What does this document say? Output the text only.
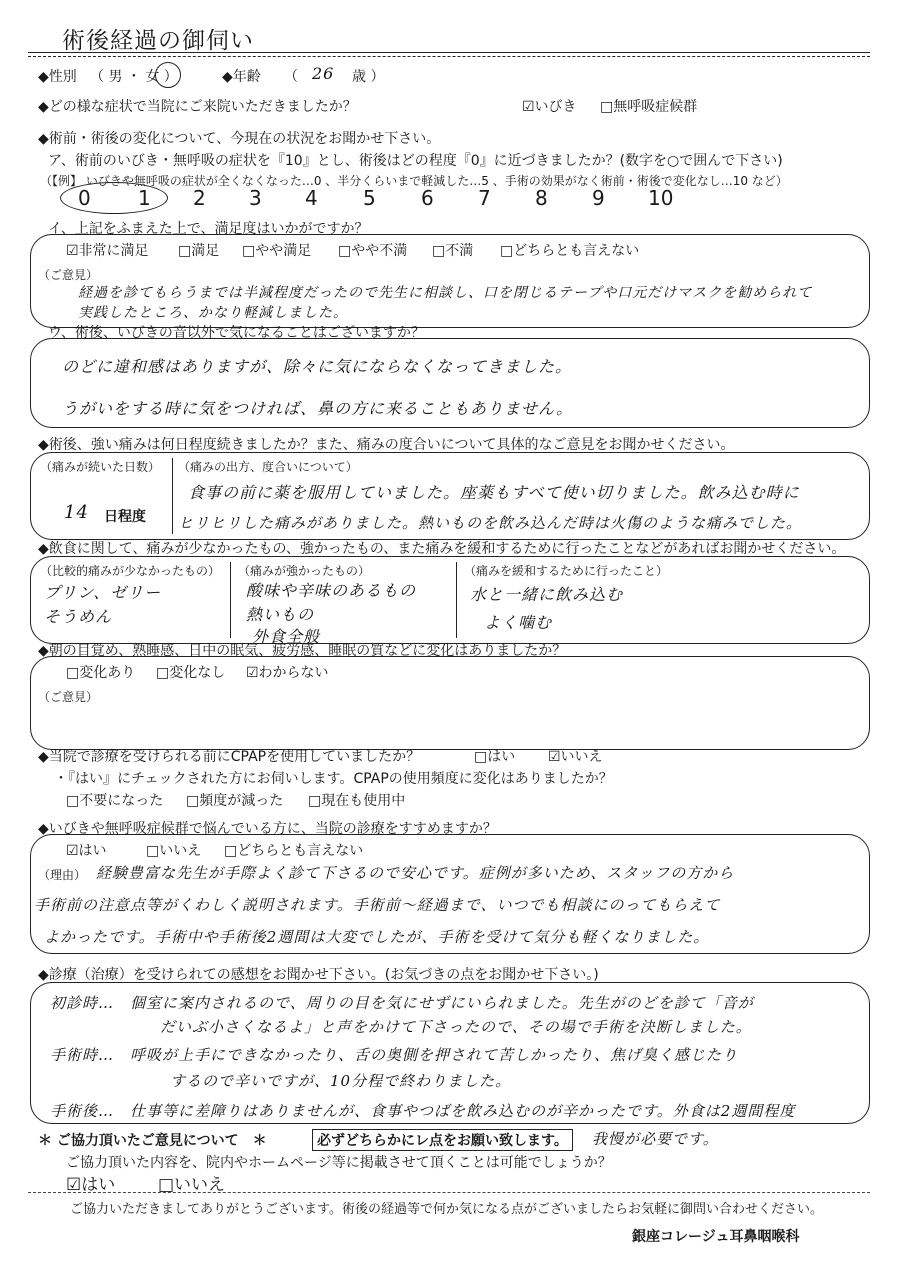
術後経過の御伺い
◆性別 （ 男 ・ 女 ）	◆年齢 （ 26 歳 ）
◆どの様な症状で当院にご来院いただきましたか？	☑いびき □無呼吸症候群
◆術前・術後の変化について、今現在の状況をお聞かせ下さい。
ア、術前のいびき・無呼吸の症状を『10』とし、術後はどの程度『0』に近づきましたか？(数字を○で囲んで下さい)
（【例】 いびきや無呼吸の症状が全くなくなった…0 、半分くらいまで軽減した…5 、手術の効果がなく術前・術後で変化なし…10 など）
0 1 2 3 4 5 6 7 8 9 10
イ、上記をふまえた上で、満足度はいかがですか？
☑非常に満足 □満足 □やや満足 □やや不満 □不満 □どちらとも言えない
（ご意見）
経過を診てもらうまでは半減程度だったので先生に相談し、口を閉じるテープや口元だけマスクを勧められて
実践したところ、かなり軽減しました。
ウ、術後、いびきの音以外で気になることはございますか？
のどに違和感はありますが、除々に気にならなくなってきました。
うがいをする時に気をつければ、鼻の方に来ることもありません。
◆術後、強い痛みは何日程度続きましたか？また、痛みの度合いについて具体的なご意見をお聞かせください。
（痛みが続いた日数）
14 日程度
（痛みの出方、度合いについて）
食事の前に薬を服用していました。座薬もすべて使い切りました。飲み込む時に
ヒリヒリした痛みがありました。熱いものを飲み込んだ時は火傷のような痛みでした。
◆飲食に関して、痛みが少なかったもの、強かったもの、また痛みを緩和するために行ったことなどがあればお聞かせください。
（比較的痛みが少なかったもの）
プリン、ゼリー
そうめん
（痛みが強かったもの）
酸味や辛味のあるもの
熱いもの
外食全般
（痛みを緩和するために行ったこと）
水と一緒に飲み込む
よく噛む
◆朝の目覚め、熟睡感、日中の眠気、疲労感、睡眠の質などに変化はありましたか？
□変化あり □変化なし ☑わからない
（ご意見）
◆当院で診療を受けられる前にCPAPを使用していましたか？	□はい ☑いいえ
・『はい』にチェックされた方にお伺いします。CPAPの使用頻度に変化はありましたか？
□不要になった □頻度が減った □現在も使用中
◆いびきや無呼吸症候群で悩んでいる方に、当院の診療をすすめますか？
☑はい	□いいえ □どちらとも言えない
（理由） 経験豊富な先生が手際よく診て下さるので安心です。症例が多いため、スタッフの方から
手術前の注意点等がくわしく説明されます。手術前〜経過まで、いつでも相談にのってもらえて
よかったです。手術中や手術後2週間は大変でしたが、手術を受けて気分も軽くなりました。
◆診療（治療）を受けられての感想をお聞かせ下さい。(お気づきの点をお聞かせ下さい。)
初診時…　個室に案内されるので、周りの目を気にせずにいられました。先生がのどを診て「音が
だいぶ小さくなるよ」と声をかけて下さったので、その場で手術を決断しました。
手術時…　呼吸が上手にできなかったり、舌の奥側を押されて苦しかったり、焦げ臭く感じたり
するので辛いですが、10分程で終わりました。
手術後…　仕事等に差障りはありませんが、食事やつばを飲み込むのが辛かったです。外食は2週間程度
＊ ご協力頂いたご意見について　＊	必ずどちらかにレ点をお願い致します。	我慢が必要です。
ご協力頂いた内容を、院内やホームページ等に掲載させて頂くことは可能でしょうか？
☑はい	□いいえ
ご協力いただきましてありがとうございます。術後の経過等で何か気になる点がございましたらお気軽に御問い合わせください。
銀座コレージュ耳鼻咽喉科
